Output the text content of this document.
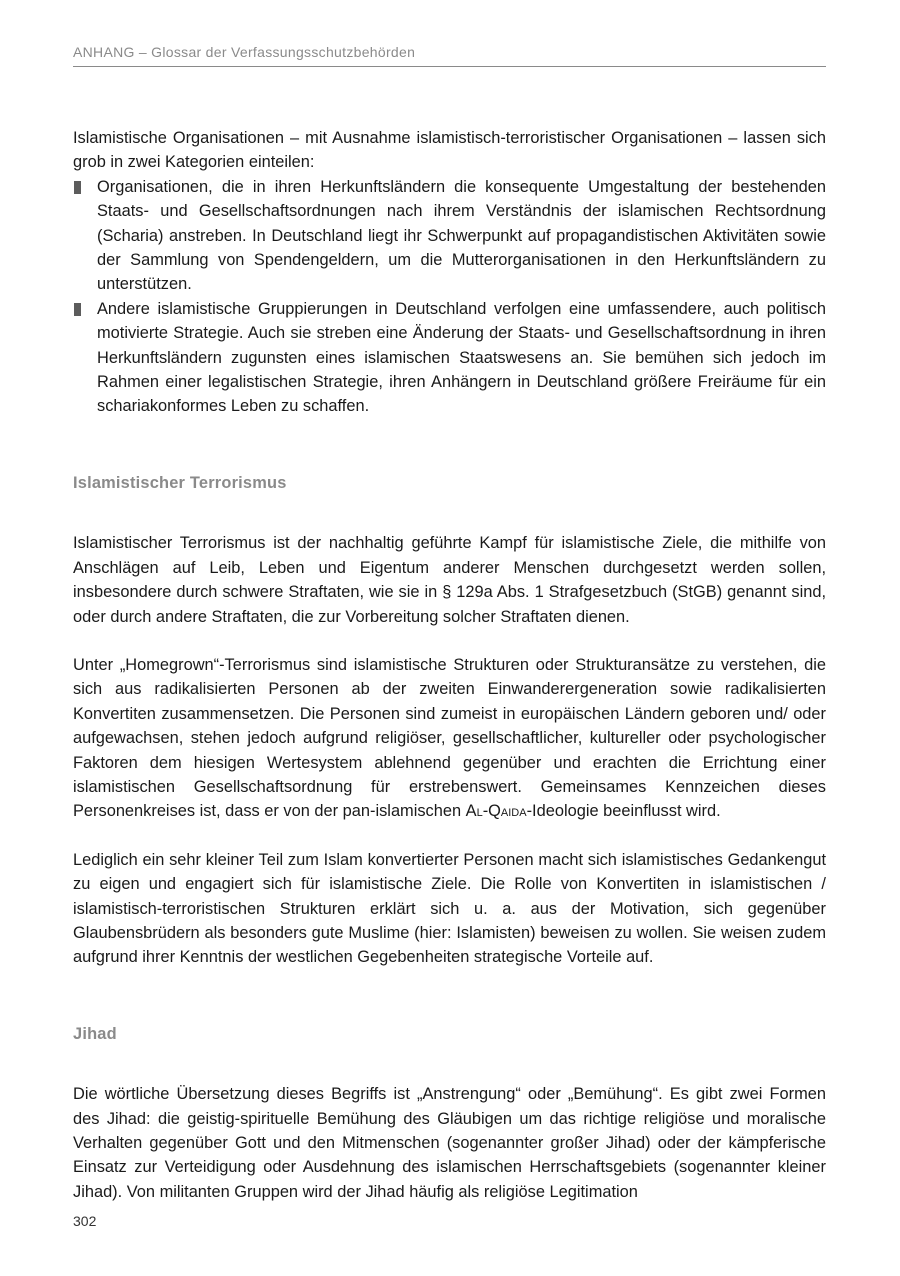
ANHANG – Glossar der Verfassungsschutzbehörden

Islamistische Organisationen – mit Ausnahme islamistisch-terroristischer Organisationen – lassen sich grob in zwei Kategorien einteilen:

Organisationen, die in ihren Herkunftsländern die konsequente Umgestaltung der bestehenden Staats- und Gesellschaftsordnungen nach ihrem Verständnis der islamischen Rechtsordnung (Scharia) anstreben. In Deutschland liegt ihr Schwerpunkt auf propagandistischen Aktivitäten sowie der Sammlung von Spendengeldern, um die Mutterorganisationen in den Herkunftsländern zu unterstützen.
Andere islamistische Gruppierungen in Deutschland verfolgen eine umfassendere, auch politisch motivierte Strategie. Auch sie streben eine Änderung der Staats- und Gesellschaftsordnung in ihren Herkunftsländern zugunsten eines islamischen Staatswesens an. Sie bemühen sich jedoch im Rahmen einer legalistischen Strategie, ihren Anhängern in Deutschland größere Freiräume für ein schariakonformes Leben zu schaffen.
Islamistischer Terrorismus

Islamistischer Terrorismus ist der nachhaltig geführte Kampf für islamistische Ziele, die mithilfe von Anschlägen auf Leib, Leben und Eigentum anderer Menschen durchgesetzt werden sollen, insbesondere durch schwere Straftaten, wie sie in § 129a Abs. 1 Strafgesetzbuch (StGB) genannt sind, oder durch andere Straftaten, die zur Vorbereitung solcher Straftaten dienen.

Unter „Homegrown“-Terrorismus sind islamistische Strukturen oder Strukturansätze zu verstehen, die sich aus radikalisierten Personen ab der zweiten Einwanderergeneration sowie radikalisierten Konvertiten zusammensetzen. Die Personen sind zumeist in europäischen Ländern geboren und/ oder aufgewachsen, stehen jedoch aufgrund religiöser, gesellschaftlicher, kultureller oder psychologischer Faktoren dem hiesigen Wertesystem ablehnend gegenüber und erachten die Errichtung einer islamistischen Gesellschaftsordnung für erstrebenswert. Gemeinsames Kennzeichen dieses Personenkreises ist, dass er von der pan-islamischen Al-Qaida-Ideologie beeinflusst wird.

Lediglich ein sehr kleiner Teil zum Islam konvertierter Personen macht sich islamistisches Gedankengut zu eigen und engagiert sich für islamistische Ziele. Die Rolle von Konvertiten in islamistischen / islamistisch-terroristischen Strukturen erklärt sich u. a. aus der Motivation, sich gegenüber Glaubensbrüdern als besonders gute Muslime (hier: Islamisten) beweisen zu wollen. Sie weisen zudem aufgrund ihrer Kenntnis der westlichen Gegebenheiten strategische Vorteile auf.

Jihad

Die wörtliche Übersetzung dieses Begriffs ist „Anstrengung“ oder „Bemühung“. Es gibt zwei Formen des Jihad: die geistig-spirituelle Bemühung des Gläubigen um das richtige religiöse und moralische Verhalten gegenüber Gott und den Mitmenschen (sogenannter großer Jihad) oder der kämpferische Einsatz zur Verteidigung oder Ausdehnung des islamischen Herrschaftsgebiets (sogenannter kleiner Jihad). Von militanten Gruppen wird der Jihad häufig als religiöse Legitimation

302
